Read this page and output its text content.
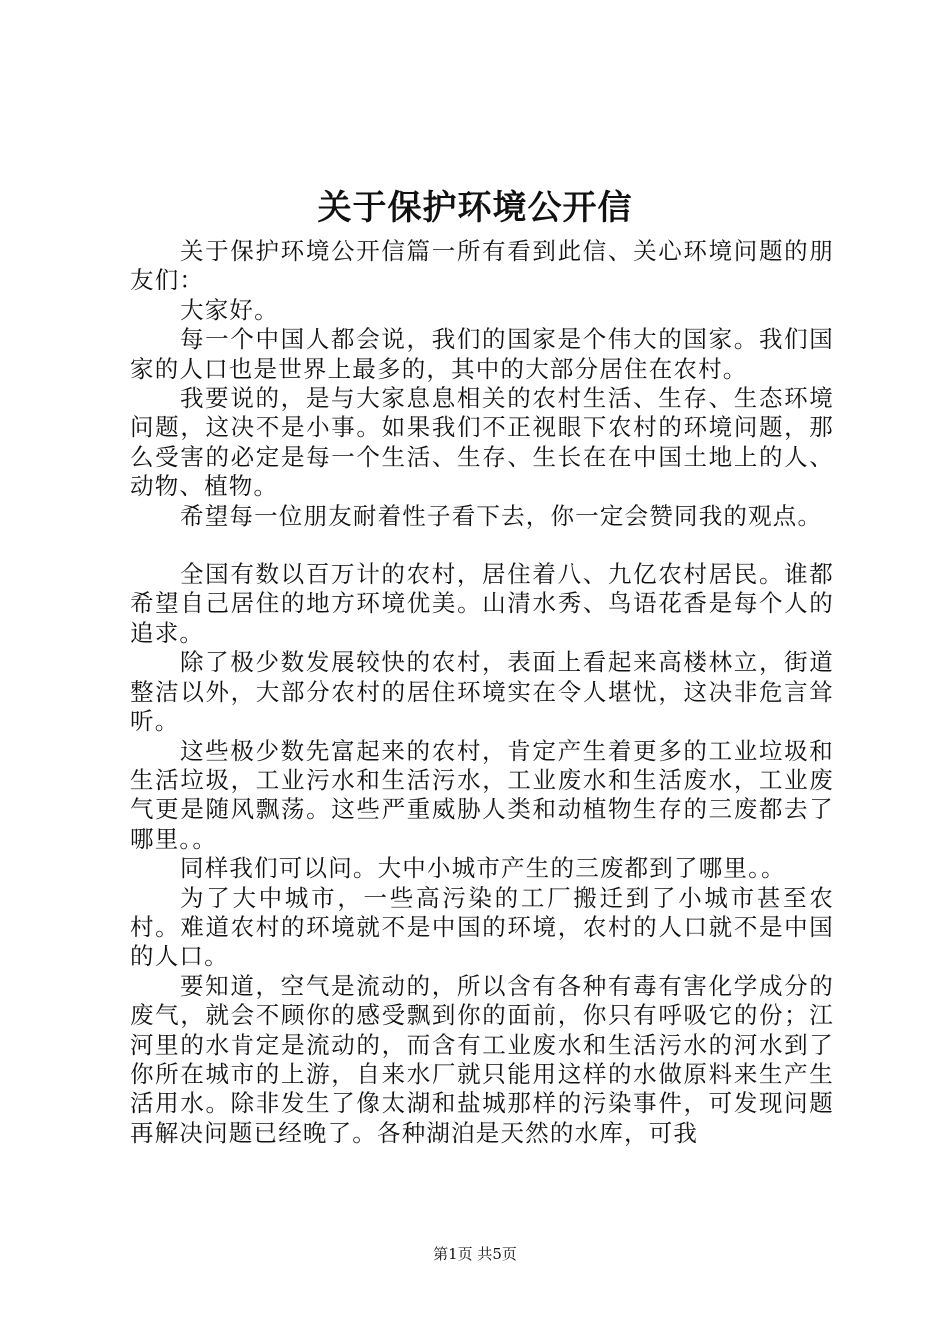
关于保护环境公开信

关于保护环境公开信篇一所有看到此信、关心环境问题的朋友们：

大家好。

每一个中国人都会说，我们的国家是个伟大的国家。我们国家的人口也是世界上最多的，其中的大部分居住在农村。

我要说的，是与大家息息相关的农村生活、生存、生态环境问题，这决不是小事。如果我们不正视眼下农村的环境问题，那么受害的必定是每一个生活、生存、生长在在中国土地上的人、动物、植物。

希望每一位朋友耐着性子看下去，你一定会赞同我的观点。

全国有数以百万计的农村，居住着八、九亿农村居民。谁都希望自己居住的地方环境优美。山清水秀、鸟语花香是每个人的追求。

除了极少数发展较快的农村，表面上看起来高楼林立，街道整洁以外，大部分农村的居住环境实在令人堪忧，这决非危言耸听。

这些极少数先富起来的农村，肯定产生着更多的工业垃圾和生活垃圾，工业污水和生活污水，工业废水和生活废水，工业废气更是随风飘荡。这些严重威胁人类和动植物生存的三废都去了哪里。。

同样我们可以问。大中小城市产生的三废都到了哪里。。

为了大中城市，一些高污染的工厂搬迁到了小城市甚至农村。难道农村的环境就不是中国的环境，农村的人口就不是中国的人口。

要知道，空气是流动的，所以含有各种有毒有害化学成分的废气，就会不顾你的感受飘到你的面前，你只有呼吸它的份；江河里的水肯定是流动的，而含有工业废水和生活污水的河水到了你所在城市的上游，自来水厂就只能用这样的水做原料来生产生活用水。除非发生了像太湖和盐城那样的污染事件，可发现问题再解决问题已经晚了。各种湖泊是天然的水库，可我

第1页 共5页
